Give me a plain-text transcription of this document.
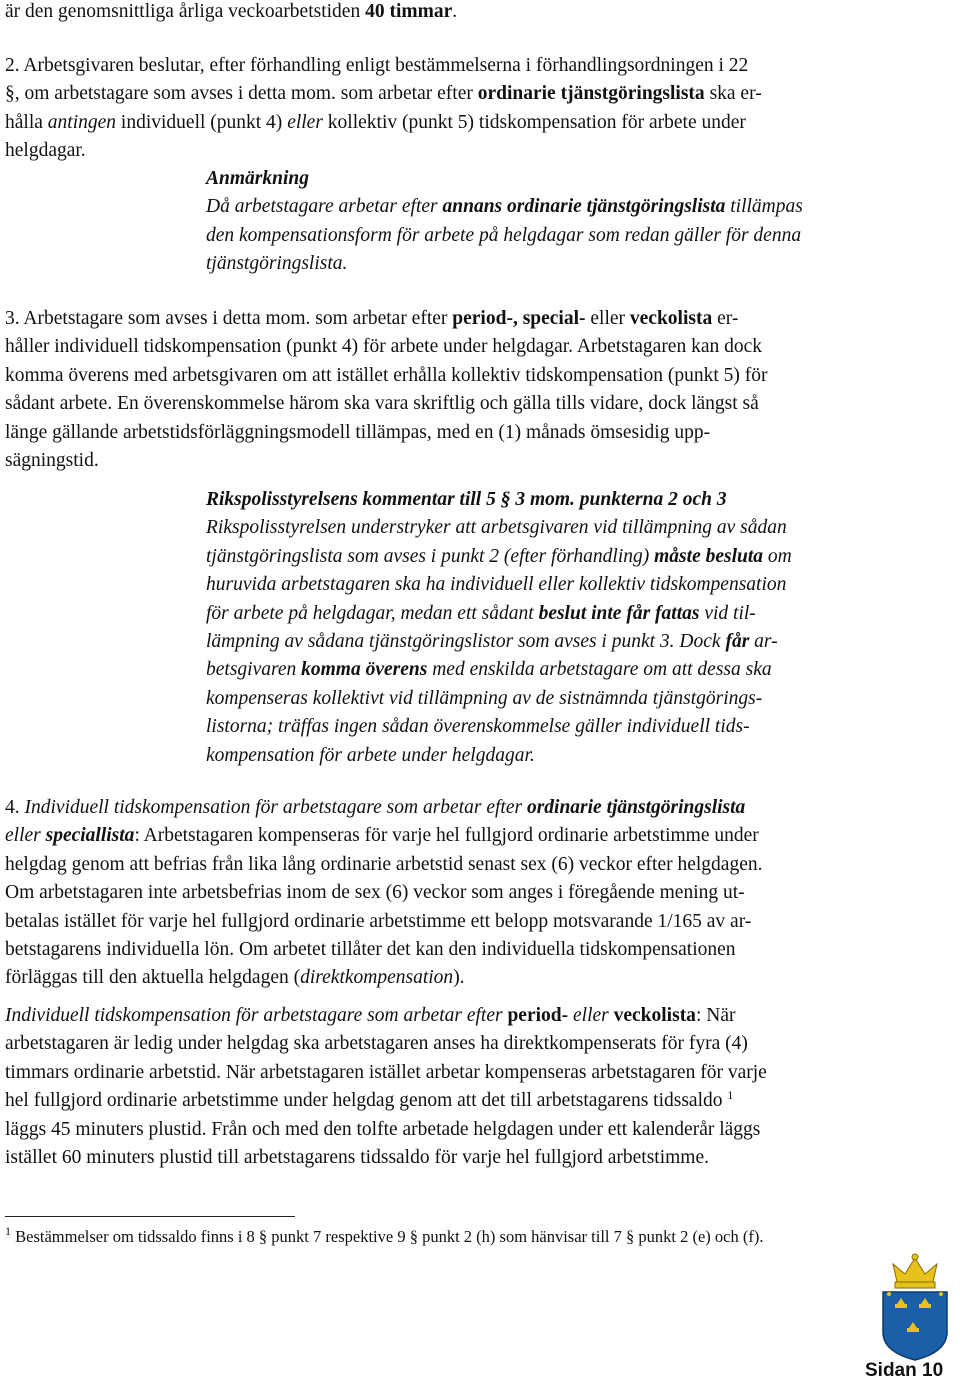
är den genomsnittliga årliga veckoarbetstiden 40 timmar.
2. Arbetsgivaren beslutar, efter förhandling enligt bestämmelserna i förhandlingsordningen i 22
§, om arbetstagare som avses i detta mom. som arbetar efter ordinarie tjänstgöringslista ska er-
hålla antingen individuell (punkt 4) eller kollektiv (punkt 5) tidskompensation för arbete under
helgdagar.
Anmärkning
Då arbetstagare arbetar efter annans ordinarie tjänstgöringslista tillämpas
den kompensationsform för arbete på helgdagar som redan gäller för denna
tjänstgöringslista.
3. Arbetstagare som avses i detta mom. som arbetar efter period-, special- eller veckolista er-
håller individuell tidskompensation (punkt 4) för arbete under helgdagar. Arbetstagaren kan dock
komma överens med arbetsgivaren om att istället erhålla kollektiv tidskompensation (punkt 5) för
sådant arbete. En överenskommelse härom ska vara skriftlig och gälla tills vidare, dock längst så
länge gällande arbetstidsförläggningsmodell tillämpas, med en (1) månads ömsesidig upp-
sägningstid.
Rikspolisstyrelsens kommentar till 5 § 3 mom. punkterna 2 och 3
Rikspolisstyrelsen understryker att arbetsgivaren vid tillämpning av sådan
tjänstgöringslista som avses i punkt 2 (efter förhandling) måste besluta om
huruvida arbetstagaren ska ha individuell eller kollektiv tidskompensation
för arbete på helgdagar, medan ett sådant beslut inte får fattas vid til-
lämpning av sådana tjänstgöringslistor som avses i punkt 3. Dock får ar-
betsgivaren komma överens med enskilda arbetstagare om att dessa ska
kompenseras kollektivt vid tillämpning av de sistnämnda tjänstgörings-
listorna; träffas ingen sådan överenskommelse gäller individuell tids-
kompensation för arbete under helgdagar.
4. Individuell tidskompensation för arbetstagare som arbetar efter ordinarie tjänstgöringslista
eller speciallista: Arbetstagaren kompenseras för varje hel fullgjord ordinarie arbetstimme under
helgdag genom att befrias från lika lång ordinarie arbetstid senast sex (6) veckor efter helgdagen.
Om arbetstagaren inte arbetsbefrias inom de sex (6) veckor som anges i föregående mening ut-
betalas istället för varje hel fullgjord ordinarie arbetstimme ett belopp motsvarande 1/165 av ar-
betstagarens individuella lön. Om arbetet tillåter det kan den individuella tidskompensationen
förläggas till den aktuella helgdagen (direktkompensation).
Individuell tidskompensation för arbetstagare som arbetar efter period- eller veckolista: När
arbetstagaren är ledig under helgdag ska arbetstagaren anses ha direktkompenserats för fyra (4)
timmars ordinarie arbetstid. När arbetstagaren istället arbetar kompenseras arbetstagaren för varje
hel fullgjord ordinarie arbetstimme under helgdag genom att det till arbetstagarens tidssaldo $^1$
läggs 45 minuters plustid. Från och med den tolfte arbetade helgdagen under ett kalenderår läggs
istället 60 minuters plustid till arbetstagarens tidssaldo för varje hel fullgjord arbetstimme.
$^1$ Bestämmelser om tidssaldo finns i 8 § punkt 7 respektive 9 § punkt 2 (h) som hänvisar till 7 § punkt 2 (e) och (f).
Sidan 10
